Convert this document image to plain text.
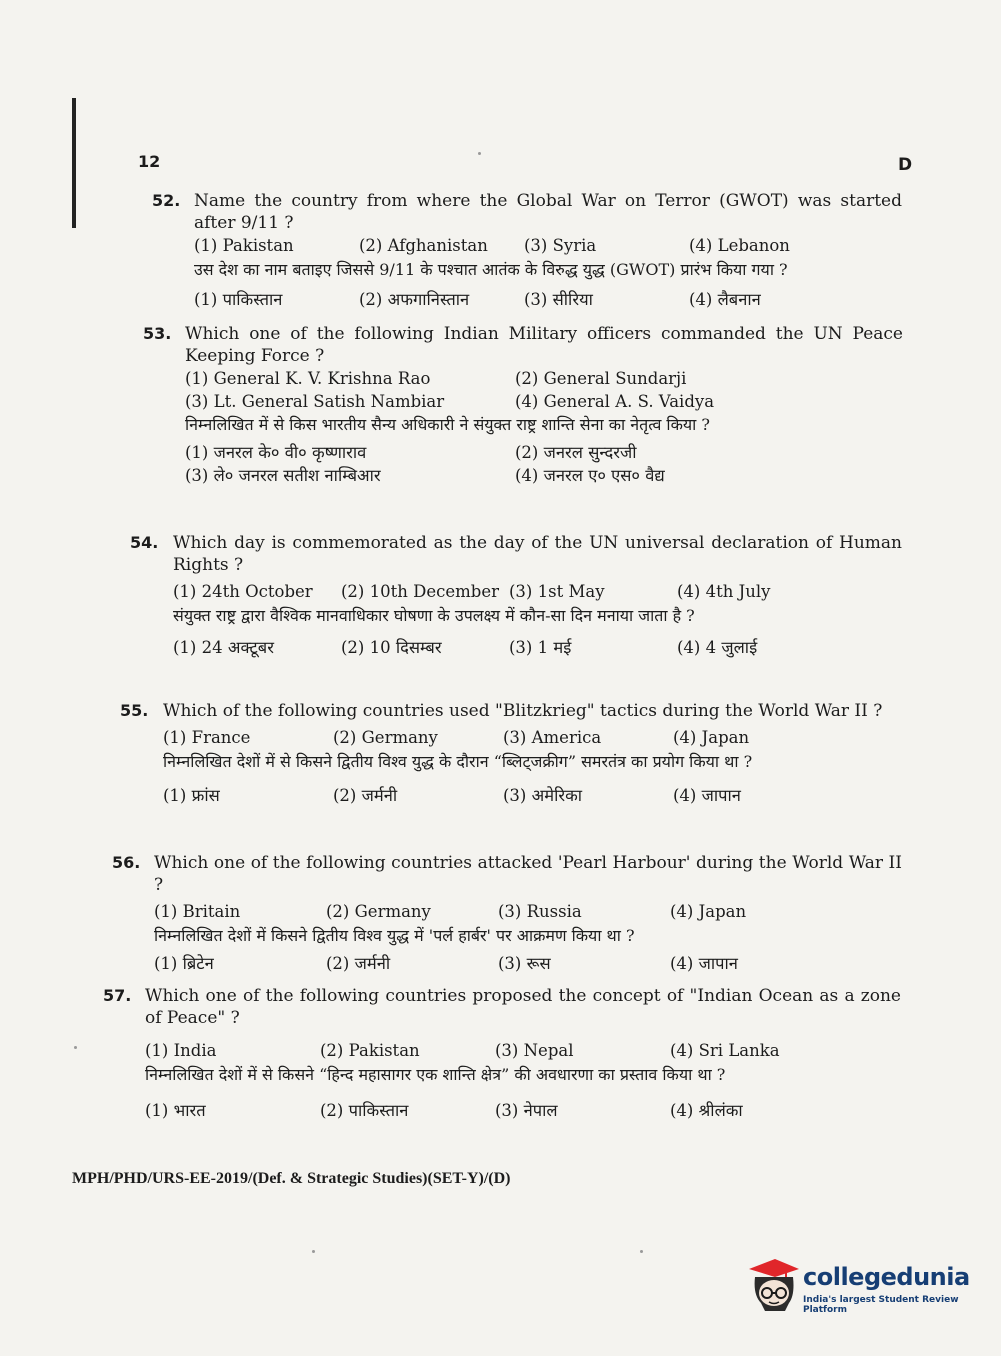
12	D
52. Name the country from where the Global War on Terror (GWOT) was started after 9/11 ?
(1) Pakistan	(2) Afghanistan	(3) Syria	(4) Lebanon
उस देश का नाम बताइए जिससे 9/11 के पश्चात आतंक के विरुद्ध युद्ध (GWOT) प्रारंभ किया गया ?
(1) पाकिस्तान	(2) अफगानिस्तान	(3) सीरिया	(4) लैबनान
53. Which one of the following Indian Military officers commanded the UN Peace Keeping Force ?
(1) General K. V. Krishna Rao	(2) General Sundarji
(3) Lt. General Satish Nambiar	(4) General A. S. Vaidya
निम्नलिखित में से किस भारतीय सैन्य अधिकारी ने संयुक्त राष्ट्र शान्ति सेना का नेतृत्व किया ?
(1) जनरल के० वी० कृष्णाराव	(2) जनरल सुन्दरजी
(3) ले० जनरल सतीश नाम्बिआर	(4) जनरल ए० एस० वैद्य
54. Which day is commemorated as the day of the UN universal declaration of Human Rights ?
(1) 24th October	(2) 10th December (3) 1st May	(4) 4th July
संयुक्त राष्ट्र द्वारा वैश्विक मानवाधिकार घोषणा के उपलक्ष्य में कौन-सा दिन मनाया जाता है ?
(1) 24 अक्टूबर	(2) 10 दिसम्बर	(3) 1 मई	(4) 4 जुलाई
55. Which of the following countries used "Blitzkrieg" tactics during the World War II ?
(1) France	(2) Germany	(3) America	(4) Japan
निम्नलिखित देशों में से किसने द्वितीय विश्व युद्ध के दौरान “ब्लिट्जक्रीग” समरतंत्र का प्रयोग किया था ?
(1) फ्रांस	(2) जर्मनी	(3) अमेरिका	(4) जापान
56. Which one of the following countries attacked 'Pearl Harbour' during the World War II ?
(1) Britain	(2) Germany	(3) Russia	(4) Japan
निम्नलिखित देशों में किसने द्वितीय विश्व युद्ध में 'पर्ल हार्बर' पर आक्रमण किया था ?
(1) ब्रिटेन	(2) जर्मनी	(3) रूस	(4) जापान
57. Which one of the following countries proposed the concept of "Indian Ocean as a zone of Peace" ?
(1) India	(2) Pakistan	(3) Nepal	(4) Sri Lanka
निम्नलिखित देशों में से किसने “हिन्द महासागर एक शान्ति क्षेत्र” की अवधारणा का प्रस्ताव किया था ?
(1) भारत	(2) पाकिस्तान	(3) नेपाल	(4) श्रीलंका
MPH/PHD/URS-EE-2019/(Def. & Strategic Studies)(SET-Y)/(D)
collegedunia
India's largest Student Review Platform
